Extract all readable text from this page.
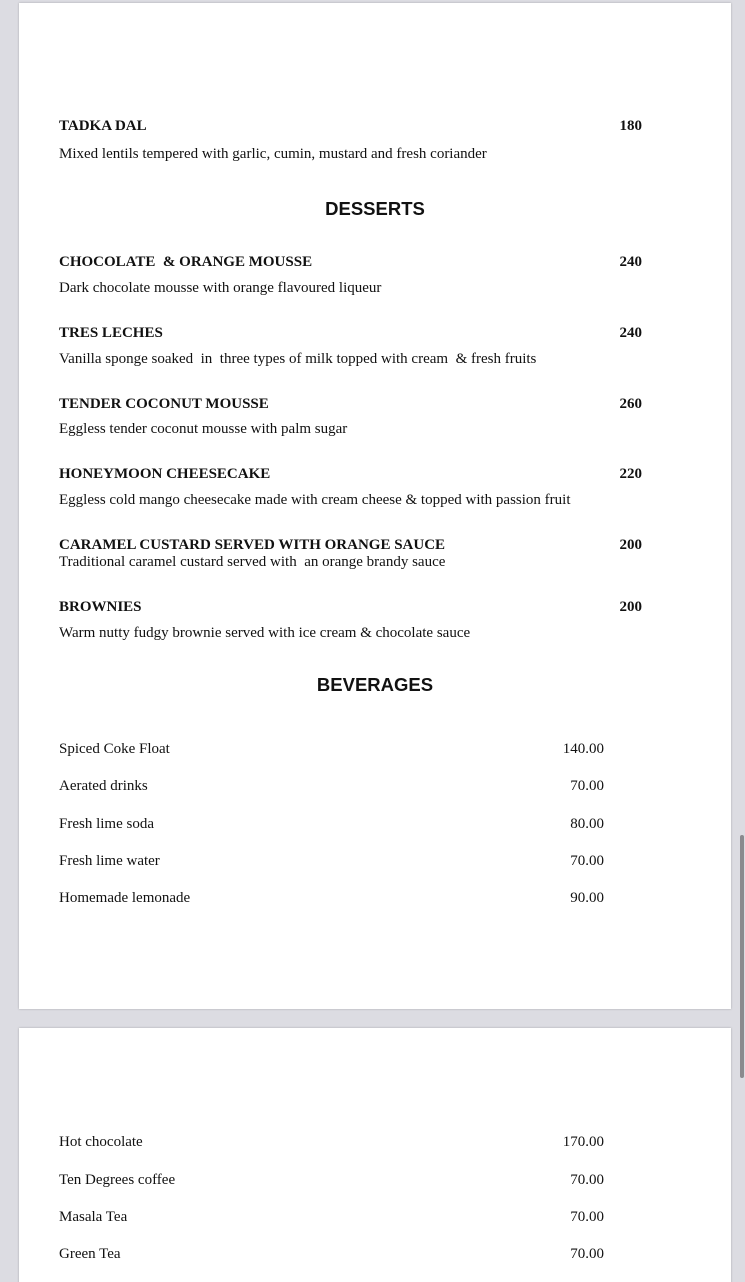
TADKA DAL	180
Mixed lentils tempered with garlic, cumin, mustard and fresh coriander
DESSERTS
CHOCOLATE  & ORANGE MOUSSE	240
Dark chocolate mousse with orange flavoured liqueur
TRES LECHES	240
Vanilla sponge soaked  in  three types of milk topped with cream  & fresh fruits
TENDER COCONUT MOUSSE	260
Eggless tender coconut mousse with palm sugar
HONEYMOON CHEESECAKE	220
Eggless cold mango cheesecake made with cream cheese & topped with passion fruit
CARAMEL CUSTARD SERVED WITH ORANGE SAUCE	200
Traditional caramel custard served with  an orange brandy sauce
BROWNIES	200
Warm nutty fudgy brownie served with ice cream & chocolate sauce
BEVERAGES
Spiced Coke Float	140.00
Aerated drinks	70.00
Fresh lime soda	80.00
Fresh lime water	70.00
Homemade lemonade	90.00
Hot chocolate	170.00
Ten Degrees coffee	70.00
Masala Tea	70.00
Green Tea	70.00
